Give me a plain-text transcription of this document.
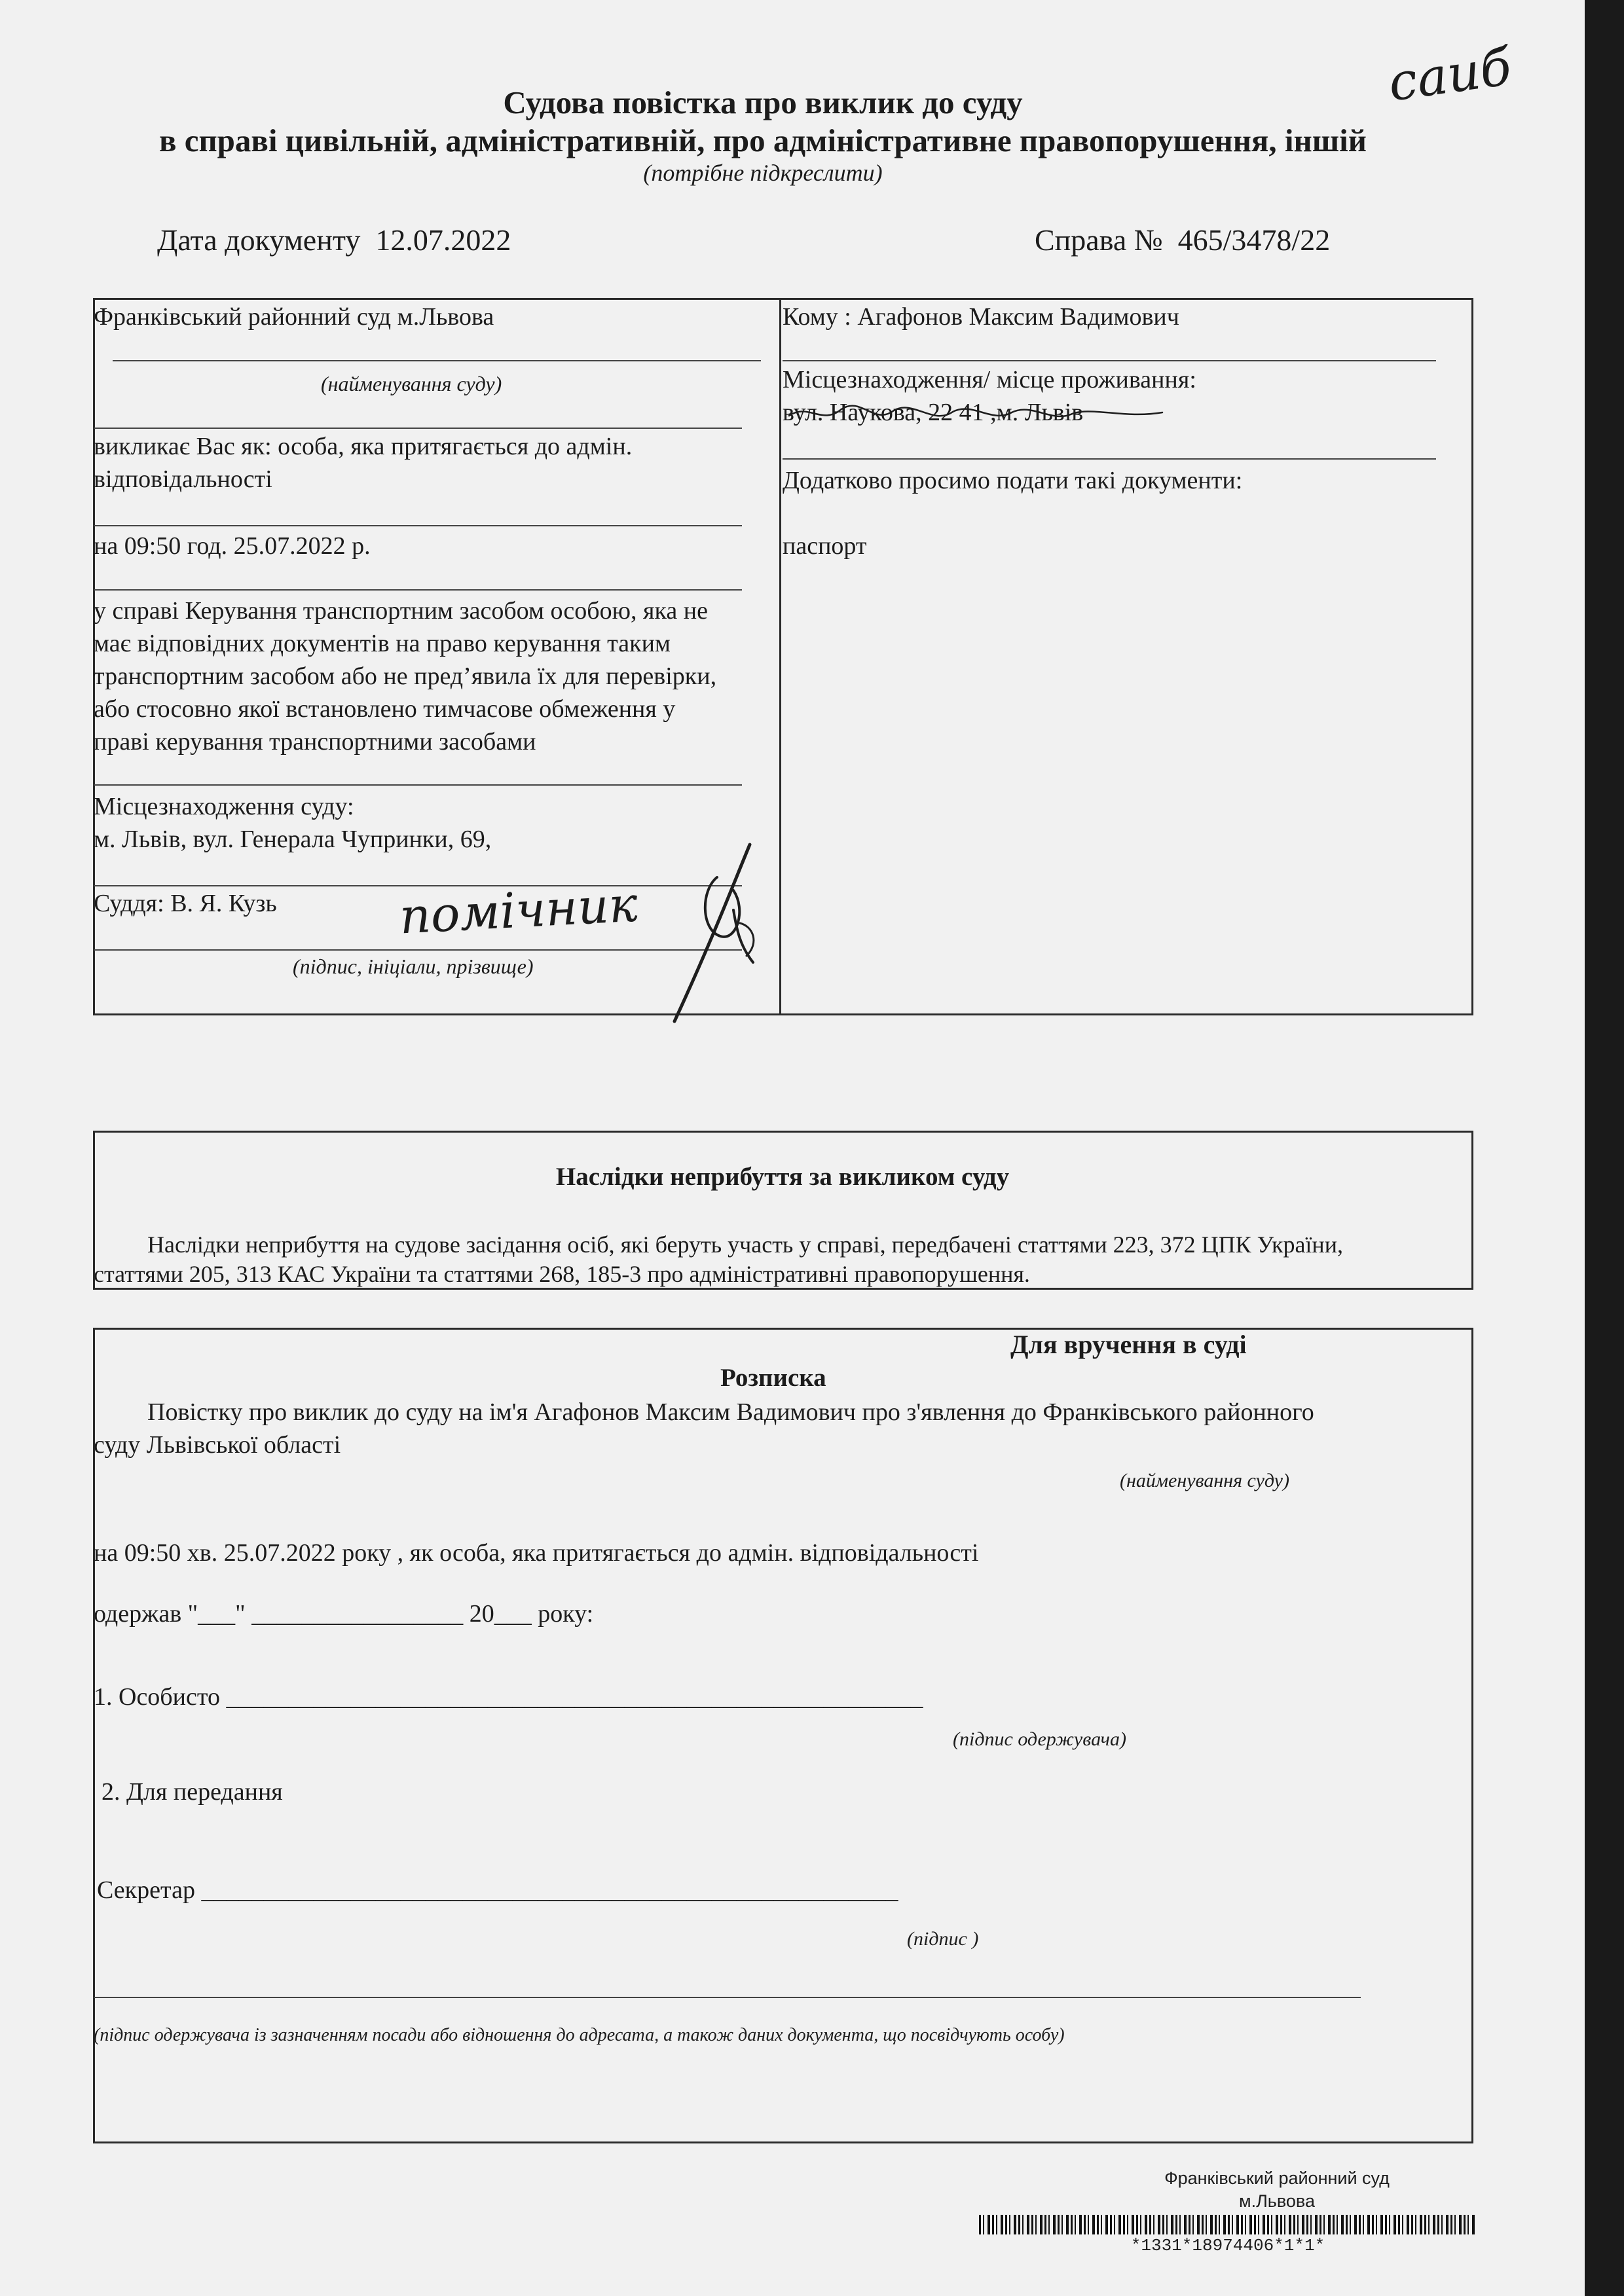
саиб
Судова повістка про виклик до суду
в справі цивільній, адміністративній, про адміністративне правопорушення, іншій
(потрібне підкреслити)
Дата документу 12.07.2022	Справа № 465/3478/22
Франківський районний суд м.Львова
(найменування суду)
викликає Вас як: особа, яка притягається до адмін.
відповідальності
на 09:50 год. 25.07.2022 р.
у справі Керування транспортним засобом особою, яка не
має відповідних документів на право керування таким
транспортним засобом або не пред’явила їх для перевірки,
або стосовно якої встановлено тимчасове обмеження у
праві керування транспортними засобами
Місцезнаходження суду:
м. Львів, вул. Генерала Чупринки, 69,
Суддя: В. Я. Кузь
(підпис, ініціали, прізвище)
помічник
Кому : Агафонов Максим Вадимович
Місцезнаходження/ місце проживання:
вул. Наукова, 22 41 ,м. Львів
Додатково просимо подати такі документи:
паспорт
Наслідки неприбуття за викликом суду
Наслідки неприбуття на судове засідання осіб, які беруть участь у справі, передбачені статтями 223, 372 ЦПК України,
статтями 205, 313 КАС України та статтями 268, 185-3 про адміністративні правопорушення.
Для вручення в суді
Розписка
Повістку про виклик до суду на ім'я Агафонов Максим Вадимович про з'явлення до Франківського районного
суду Львівської області
(найменування суду)
на 09:50 хв. 25.07.2022 року , як особа, яка притягається до адмін. відповідальності
одержав "___" _________________ 20___ року:
1. Особисто ________________________________________________________
(підпис одержувача)
2. Для передання
Секретар ________________________________________________________
(підпис )
(підпис одержувача із зазначенням посади або відношення до адресата, а також даних документа, що посвідчують особу)
Франківський районний суд
м.Львова
*1331*18974406*1*1*
